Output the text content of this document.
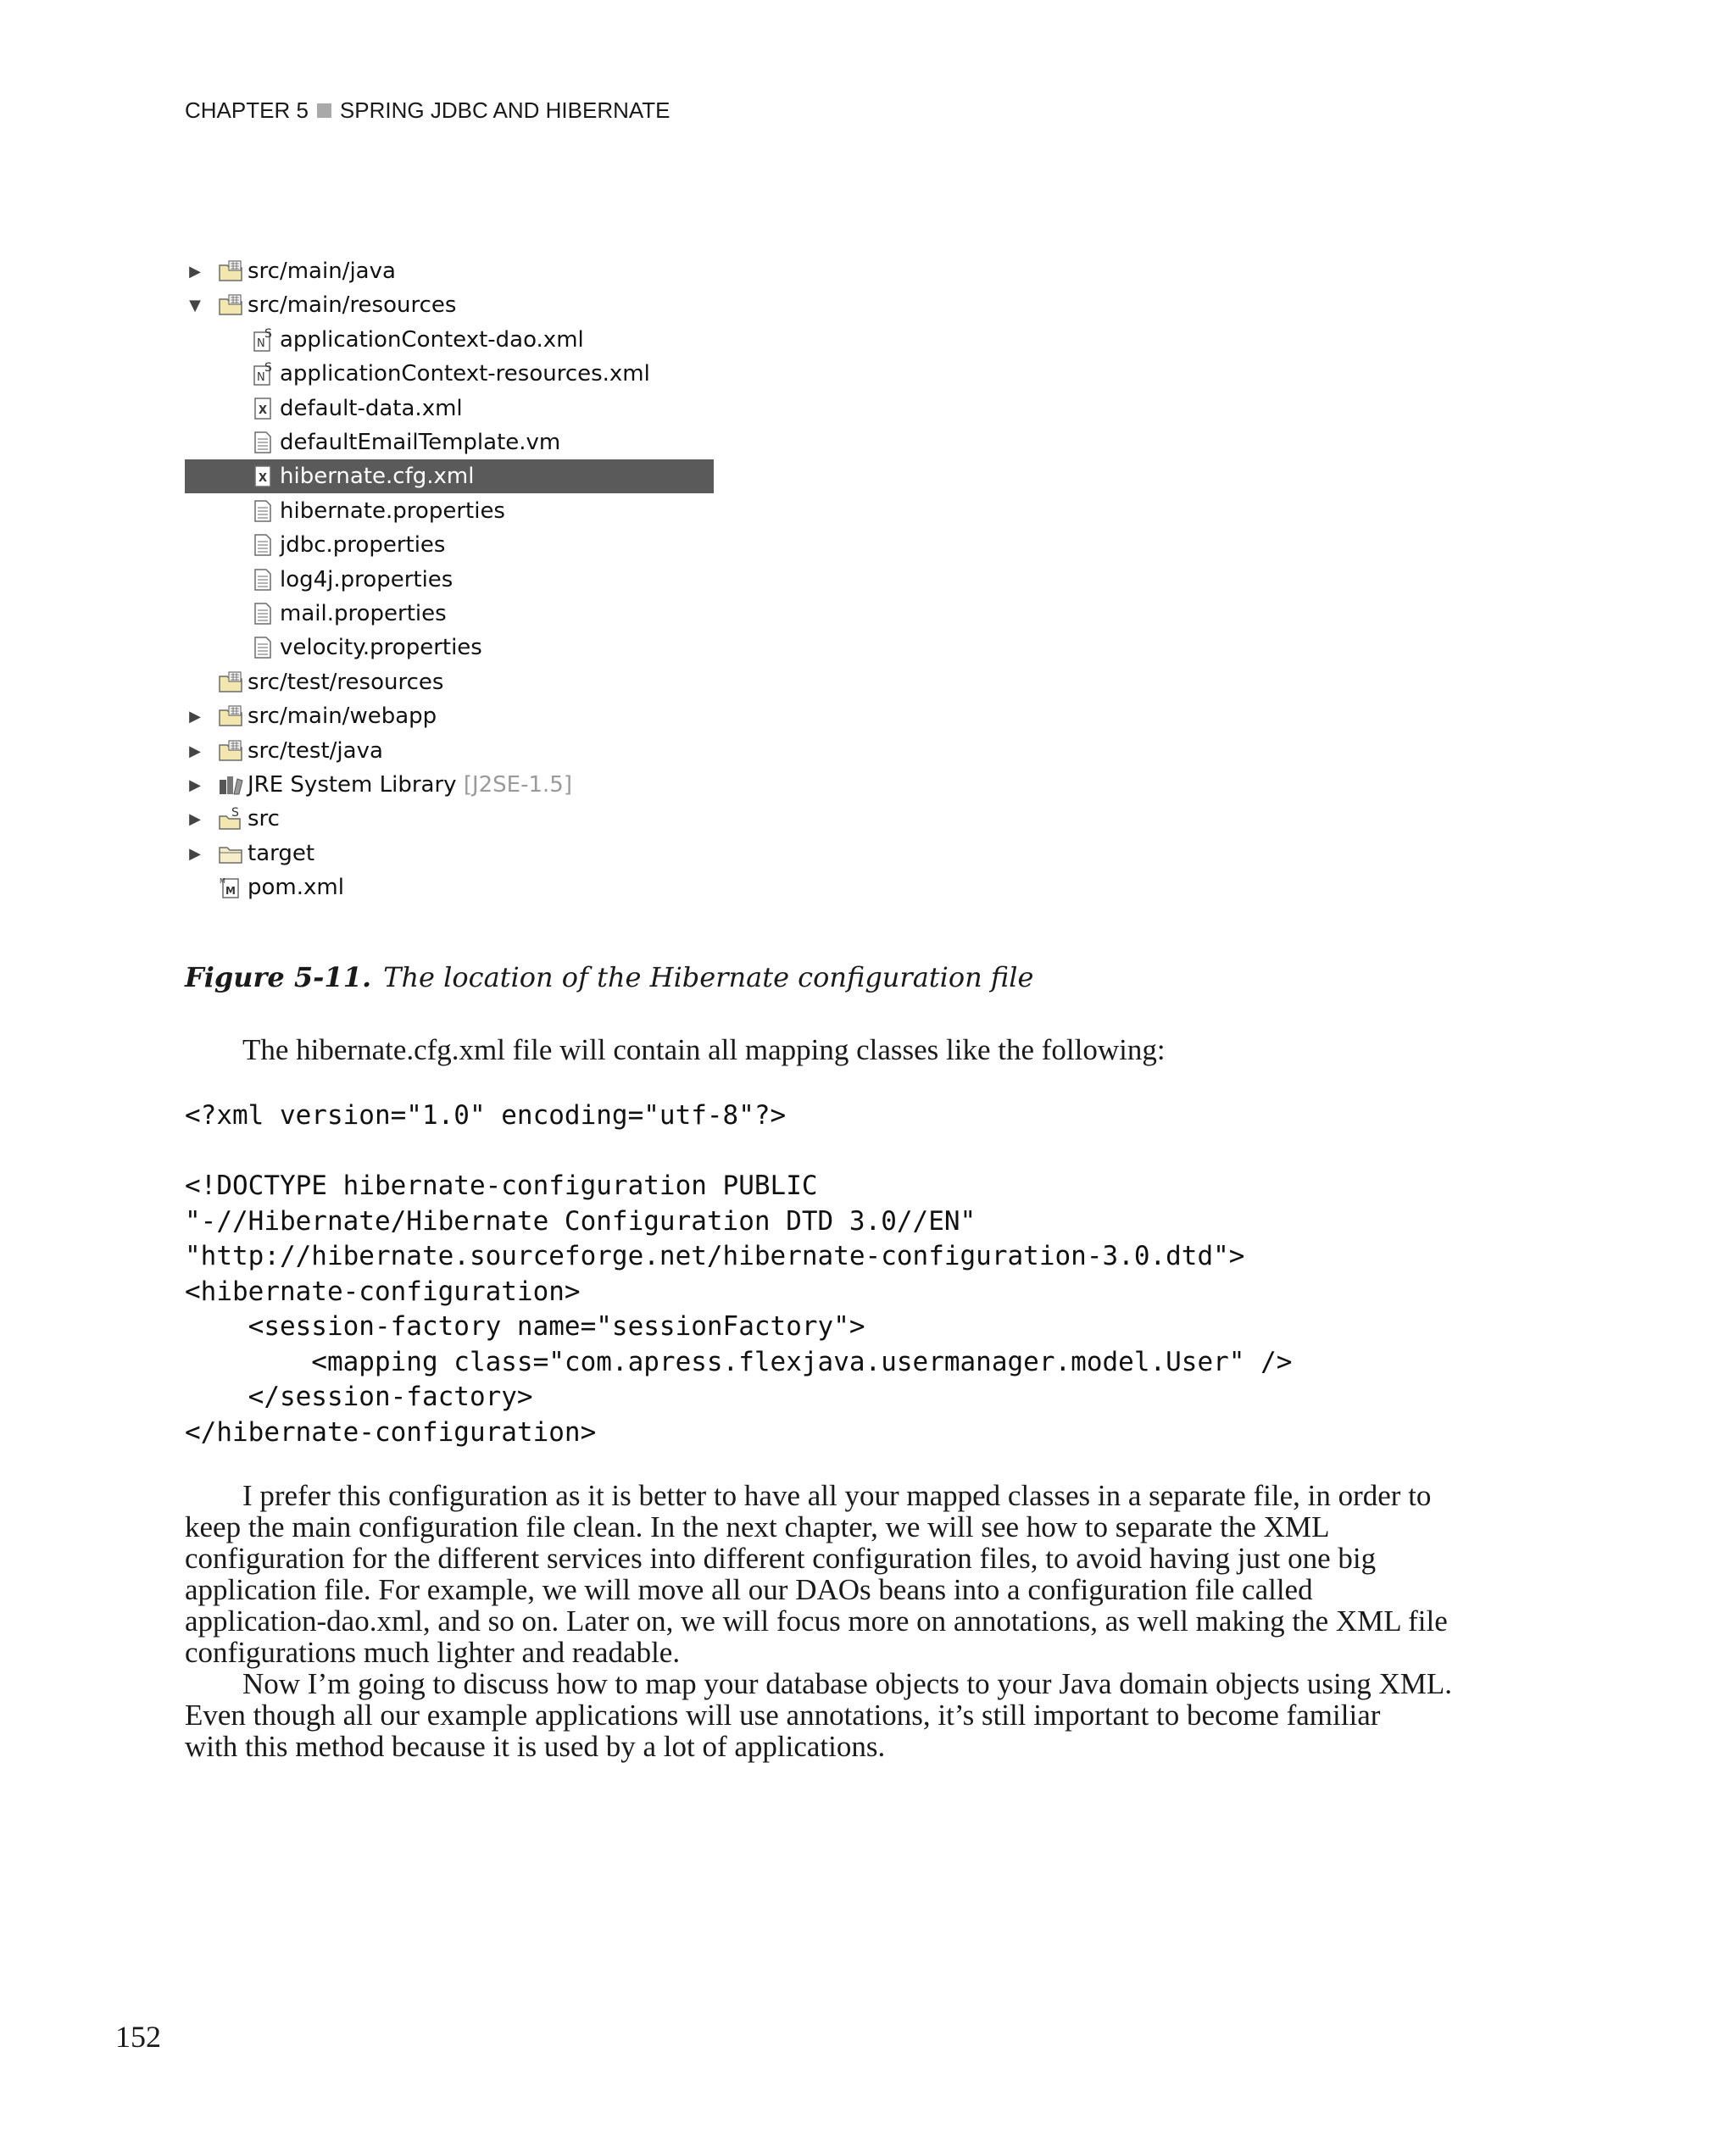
CHAPTER 5 SPRING JDBC AND HIBERNATE
▶ src/main/java
▼ src/main/resources
N
S applicationContext-dao.xml
N
S applicationContext-resources.xml
X default-data.xml
defaultEmailTemplate.vm
X hibernate.cfg.xml
hibernate.properties
jdbc.properties
log4j.properties
mail.properties
velocity.properties
src/test/resources
▶ src/main/webapp
▶ src/test/java
▶ JRE System Library [J2SE-1.5]
▶	S src
▶ target
M
M pom.xml
Figure 5-11. The location of the Hibernate configuration file
The hibernate.cfg.xml file will contain all mapping classes like the following:
<?xml version="1.0" encoding="utf-8"?>

<!DOCTYPE hibernate-configuration PUBLIC
"-//Hibernate/Hibernate Configuration DTD 3.0//EN"
"http://hibernate.sourceforge.net/hibernate-configuration-3.0.dtd">
<hibernate-configuration>
<session-factory name="sessionFactory">
<mapping class="com.apress.flexjava.usermanager.model.User" />
</session-factory>
</hibernate-configuration>
I prefer this configuration as it is better to have all your mapped classes in a separate file, in order to
keep the main configuration file clean. In the next chapter, we will see how to separate the XML
configuration for the different services into different configuration files, to avoid having just one big
application file. For example, we will move all our DAOs beans into a configuration file called
application-dao.xml, and so on. Later on, we will focus more on annotations, as well making the XML file
configurations much lighter and readable.
Now I’m going to discuss how to map your database objects to your Java domain objects using XML.
Even though all our example applications will use annotations, it’s still important to become familiar
with this method because it is used by a lot of applications.
152
